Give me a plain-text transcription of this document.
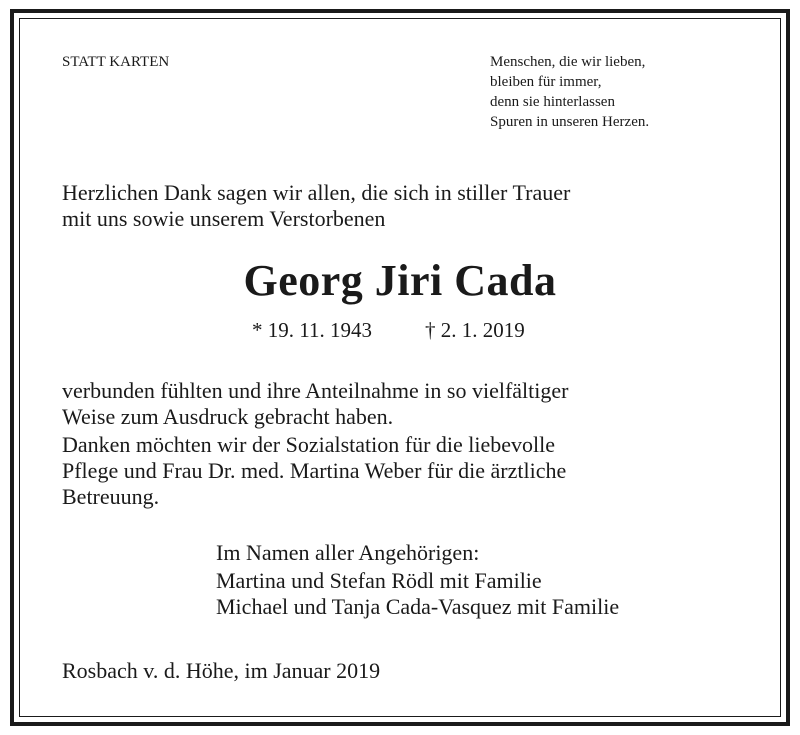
STATT KARTEN	Menschen, die wir lieben,
bleiben für immer,
denn sie hinterlassen
Spuren in unseren Herzen.
Herzlichen Dank sagen wir allen, die sich in stiller Trauer
mit uns sowie unserem Verstorbenen
Georg Jiri Cada
* 19. 11. 1943	† 2. 1. 2019
verbunden fühlten und ihre Anteilnahme in so vielfältiger
Weise zum Ausdruck gebracht haben.
Danken möchten wir der Sozialstation für die liebevolle
Pflege und Frau Dr. med. Martina Weber für die ärztliche
Betreuung.
Im Namen aller Angehörigen:
Martina und Stefan Rödl mit Familie
Michael und Tanja Cada-Vasquez mit Familie
Rosbach v. d. Höhe, im Januar 2019
